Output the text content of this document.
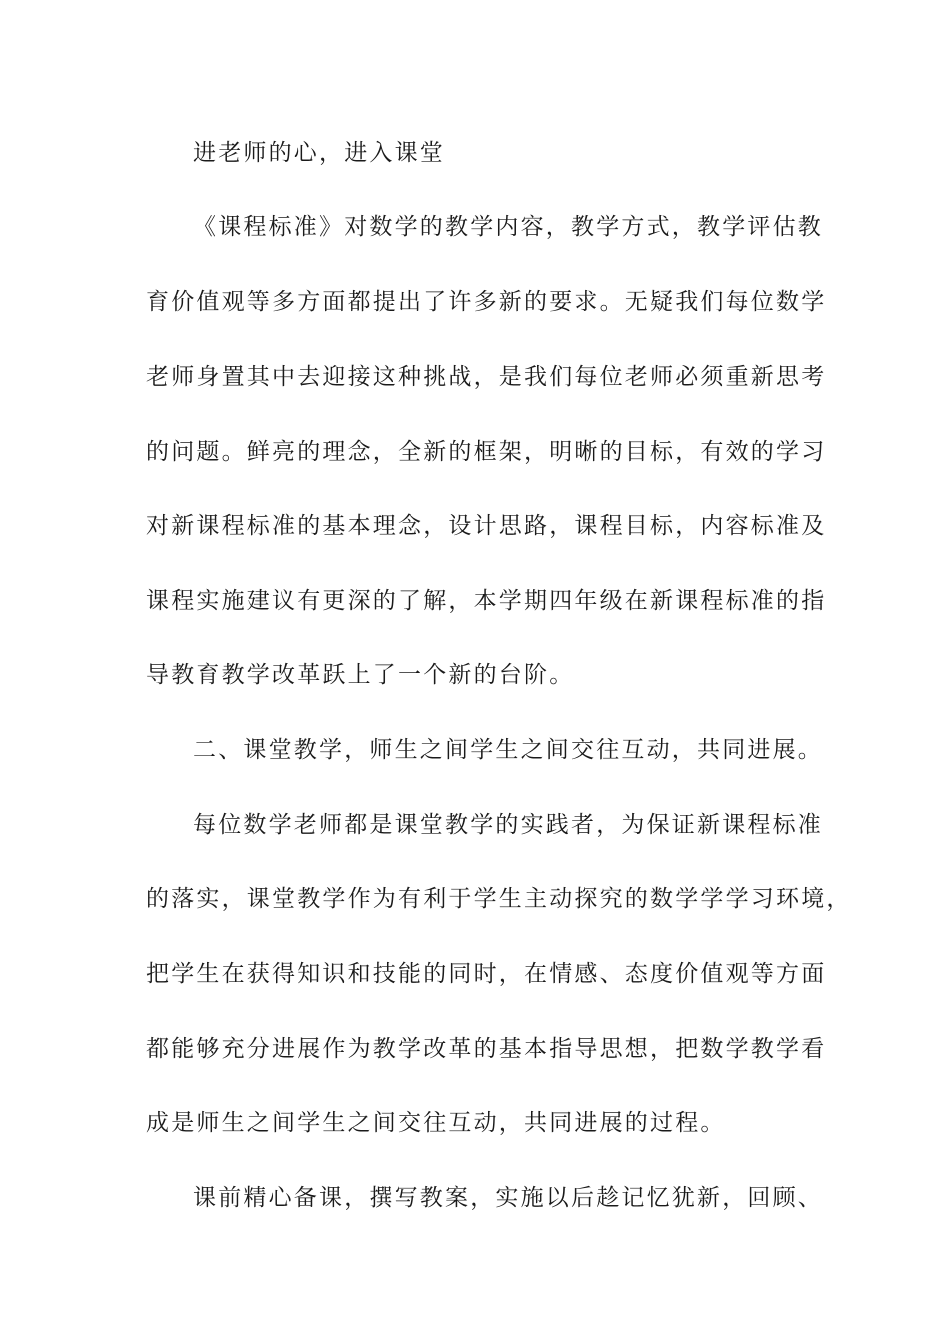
进老师的心，进入课堂
《课程标准》对数学的教学内容，教学方式，教学评估教
育价值观等多方面都提出了许多新的要求。无疑我们每位数学
老师身置其中去迎接这种挑战，是我们每位老师必须重新思考
的问题。鲜亮的理念，全新的框架，明晰的目标，有效的学习
对新课程标准的基本理念，设计思路，课程目标，内容标准及
课程实施建议有更深的了解，本学期四年级在新课程标准的指
导教育教学改革跃上了一个新的台阶。
二、课堂教学，师生之间学生之间交往互动，共同进展。
每位数学老师都是课堂教学的实践者，为保证新课程标准
的落实，课堂教学作为有利于学生主动探究的数学学学习环境，
把学生在获得知识和技能的同时，在情感、态度价值观等方面
都能够充分进展作为教学改革的基本指导思想，把数学教学看
成是师生之间学生之间交往互动，共同进展的过程。
课前精心备课，撰写教案，实施以后趁记忆犹新，回顾、
